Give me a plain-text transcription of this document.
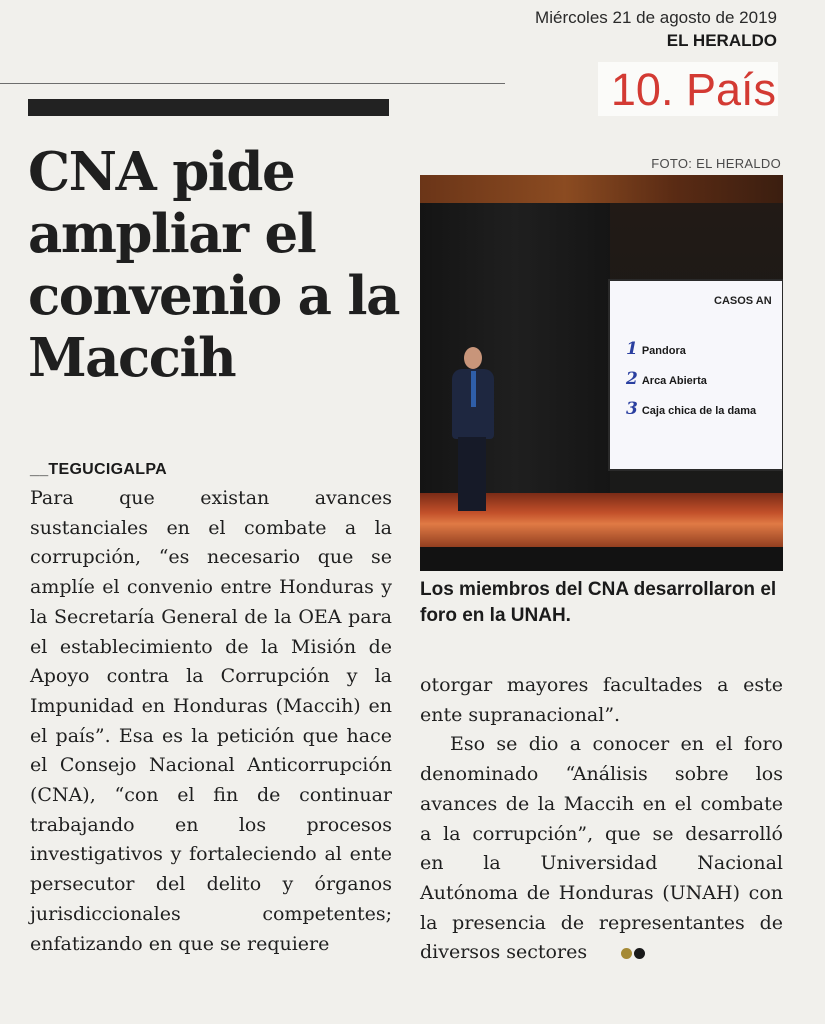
Miércoles 21 de agosto de 2019
EL HERALDO
10. País
CNA pide ampliar el convenio a la Maccih
FOTO: EL HERALDO
CASOS AN
1 Pandora
2 Arca Abierta
3 Caja chica de la dama
Los miembros del CNA desarrollaron el foro en la UNAH.
__TEGUCIGALPA

Para que existan avances sustanciales en el combate a la corrupción, “es necesario que se amplíe el convenio entre Honduras y la Secretaría General de la OEA para el establecimiento de la Misión de Apoyo contra la Corrupción y la Impunidad en Honduras (Maccih) en el país”. Esa es la petición que hace el Consejo Nacional Anticorrupción (CNA), “con el fin de continuar trabajando en los procesos investigativos y fortaleciendo al ente persecutor del delito y órganos jurisdiccionales competentes; enfatizando en que se requiere

otorgar mayores facultades a este ente supranacional”.

Eso se dio a conocer en el foro denominado “Análisis sobre los avances de la Maccih en el combate a la corrupción”, que se desarrolló en la Universidad Nacional Autónoma de Honduras (UNAH) con la presencia de representantes de diversos sectores
